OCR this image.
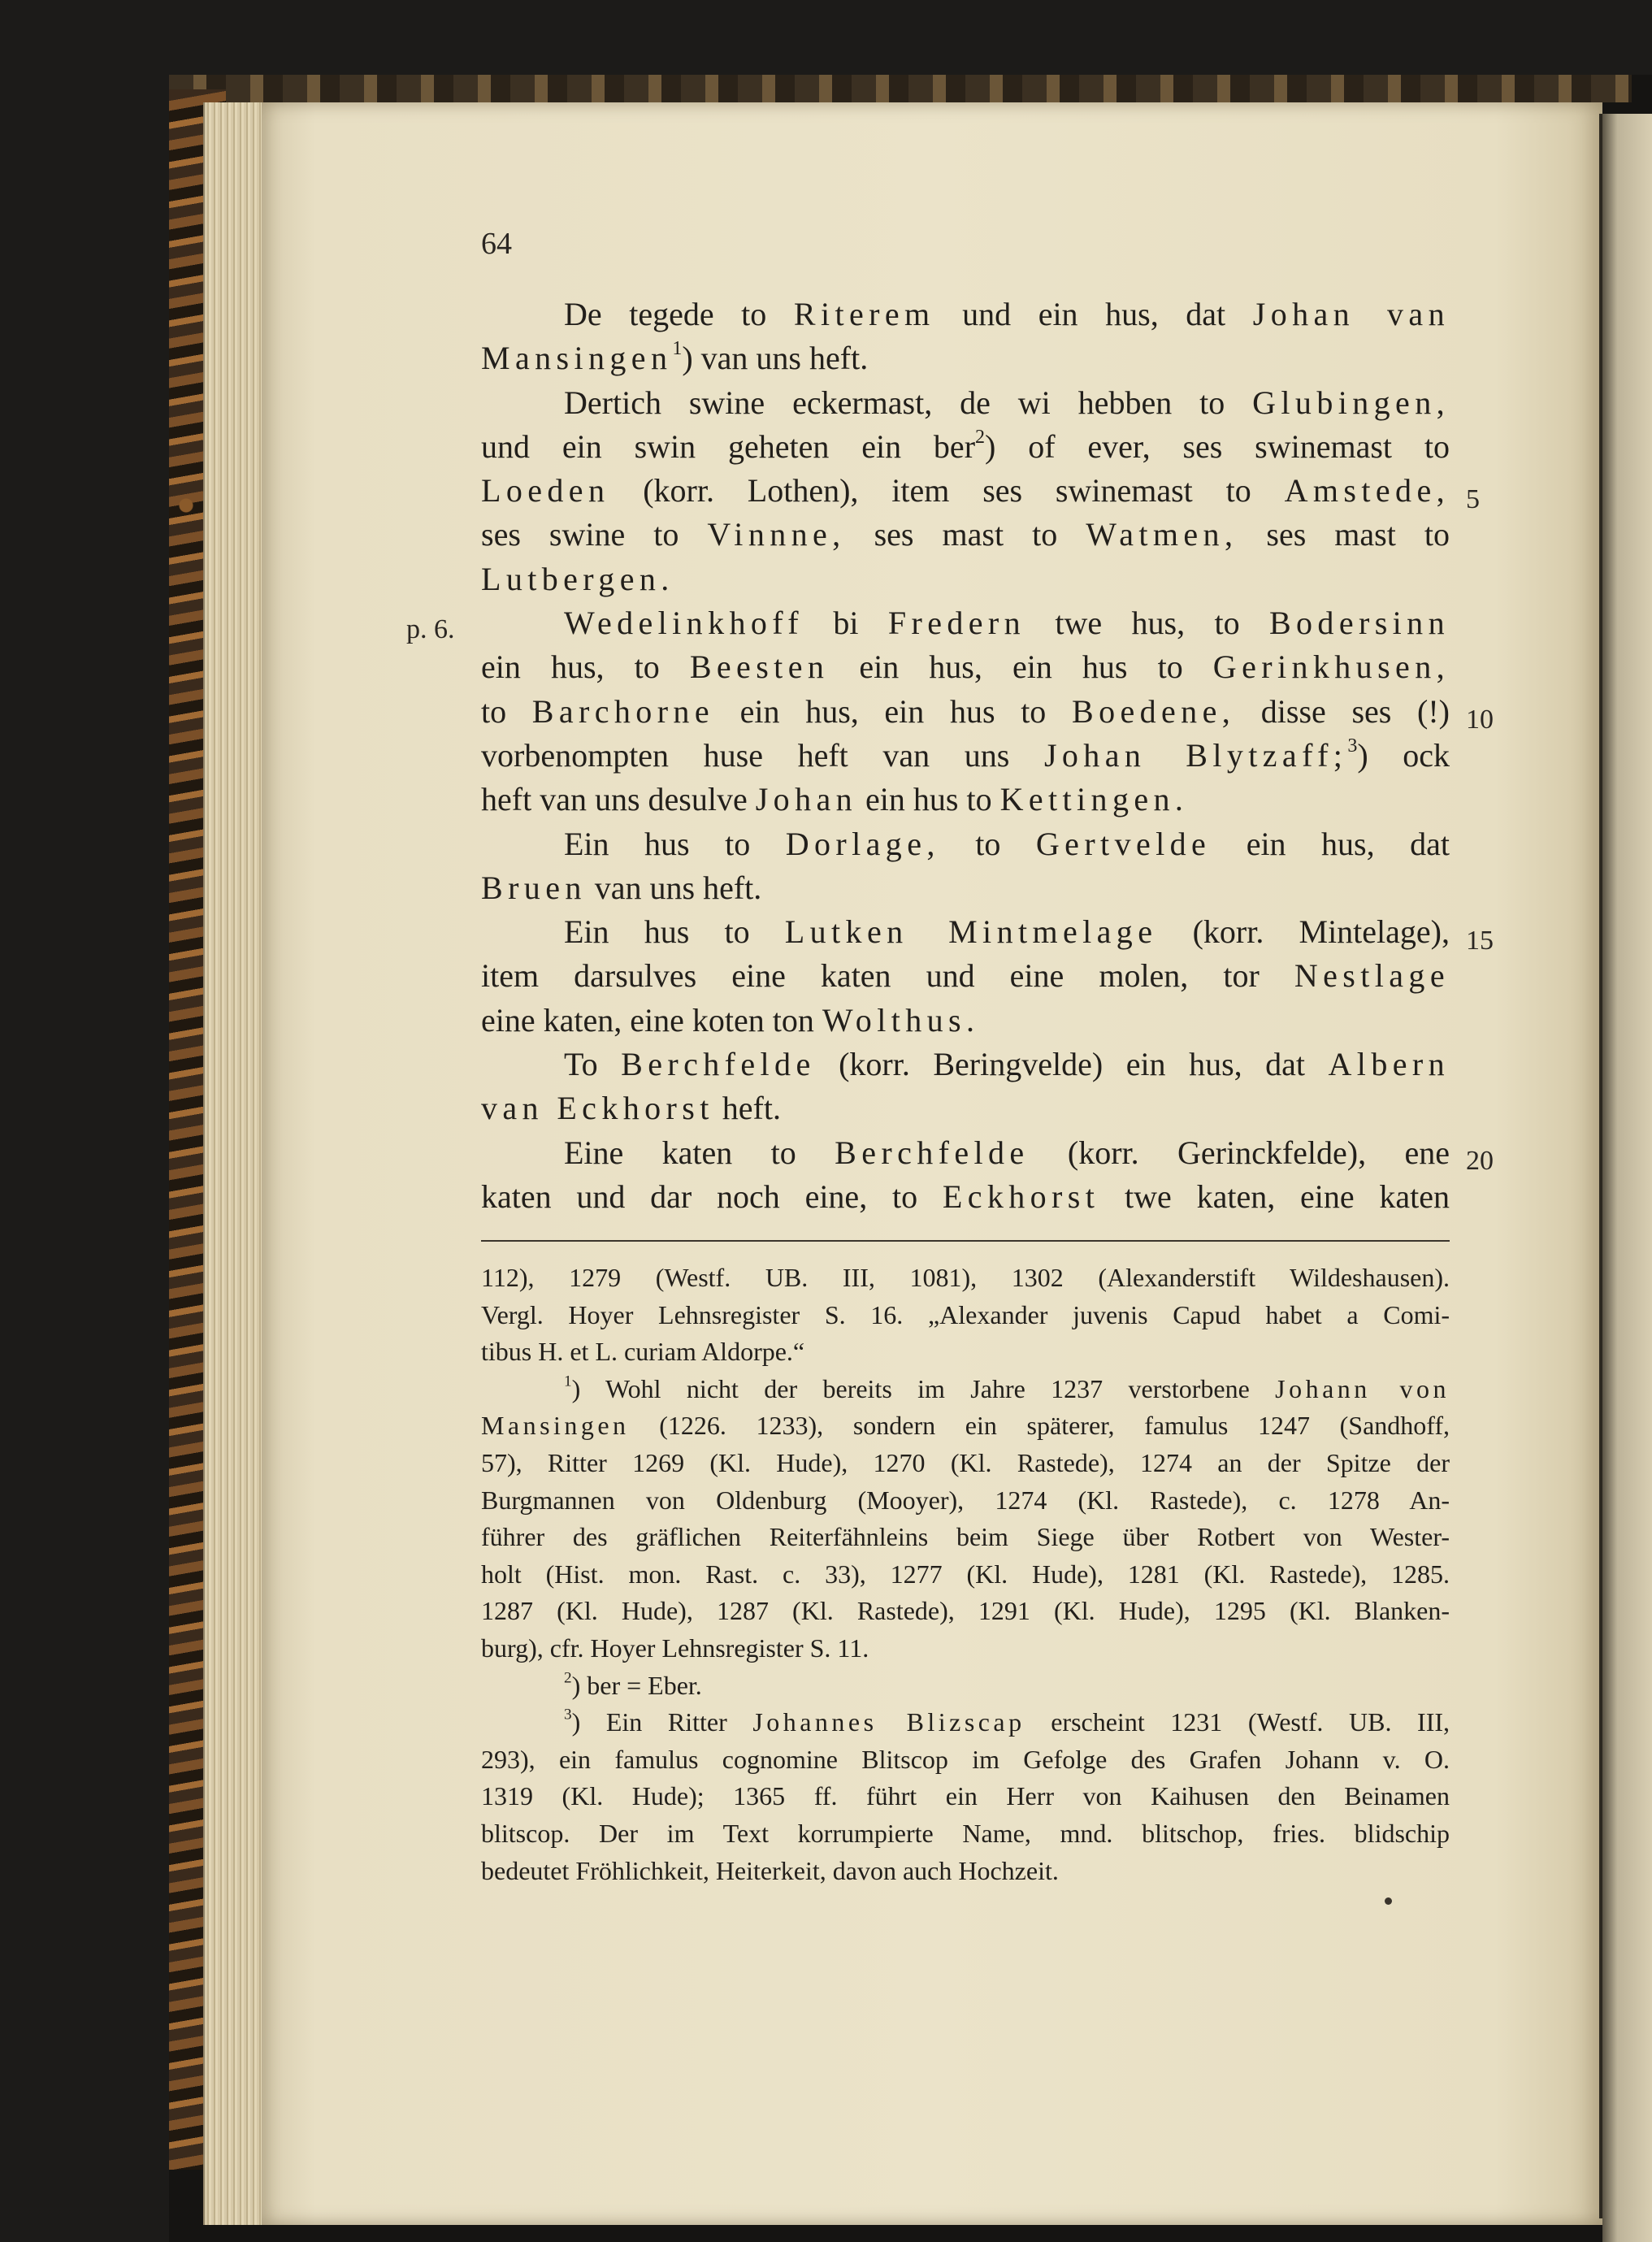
64
p. 6.
5
10
15
20
De tegede to Riterem und ein hus, dat Johan van
Mansingen$^1$) van uns heft.
Dertich swine eckermast, de wi hebben to Glubingen,
und ein swin geheten ein ber$^2$) of ever, ses swinemast to
Loeden (korr. Lothen), item ses swinemast to Amstede,
ses swine to Vinnne, ses mast to Watmen, ses mast to
Lutbergen.
Wedelinkhoff bi Fredern twe hus, to Bodersinn
ein hus, to Beesten ein hus, ein hus to Gerinkhusen,
to Barchorne ein hus, ein hus to Boedene, disse ses (!)
vorbenompten huse heft van uns Johan Blytzaff;$^3$) ock
heft van uns desulve Johan ein hus to Kettingen.
Ein hus to Dorlage, to Gertvelde ein hus, dat
Bruen van uns heft.
Ein hus to Lutken Mintmelage (korr. Mintelage),
item darsulves eine katen und eine molen, tor Nestlage
eine katen, eine koten ton Wolthus.
To Berchfelde (korr. Beringvelde) ein hus, dat Albern
van Eckhorst heft.
Eine katen to Berchfelde (korr. Gerinckfelde), ene
katen und dar noch eine, to Eckhorst twe katen, eine katen
112), 1279 (Westf. UB. III, 1081), 1302 (Alexanderstift Wildeshausen).
Vergl. Hoyer Lehnsregister S. 16. „Alexander juvenis Capud habet a Comi-
tibus H. et L. curiam Aldorpe.“
$^1$) Wohl nicht der bereits im Jahre 1237 verstorbene Johann von
Mansingen (1226. 1233), sondern ein späterer, famulus 1247 (Sandhoff,
57), Ritter 1269 (Kl. Hude), 1270 (Kl. Rastede), 1274 an der Spitze der
Burgmannen von Oldenburg (Mooyer), 1274 (Kl. Rastede), c. 1278 An-
führer des gräflichen Reiterfähnleins beim Siege über Rotbert von Wester-
holt (Hist. mon. Rast. c. 33), 1277 (Kl. Hude), 1281 (Kl. Rastede), 1285.
1287 (Kl. Hude), 1287 (Kl. Rastede), 1291 (Kl. Hude), 1295 (Kl. Blanken-
burg), cfr. Hoyer Lehnsregister S. 11.
$^2$) ber = Eber.
$^3$) Ein Ritter Johannes Blizscap erscheint 1231 (Westf. UB. III,
293), ein famulus cognomine Blitscop im Gefolge des Grafen Johann v. O.
1319 (Kl. Hude); 1365 ff. führt ein Herr von Kaihusen den Beinamen
blitscop. Der im Text korrumpierte Name, mnd. blitschop, fries. blidschip
bedeutet Fröhlichkeit, Heiterkeit, davon auch Hochzeit.
